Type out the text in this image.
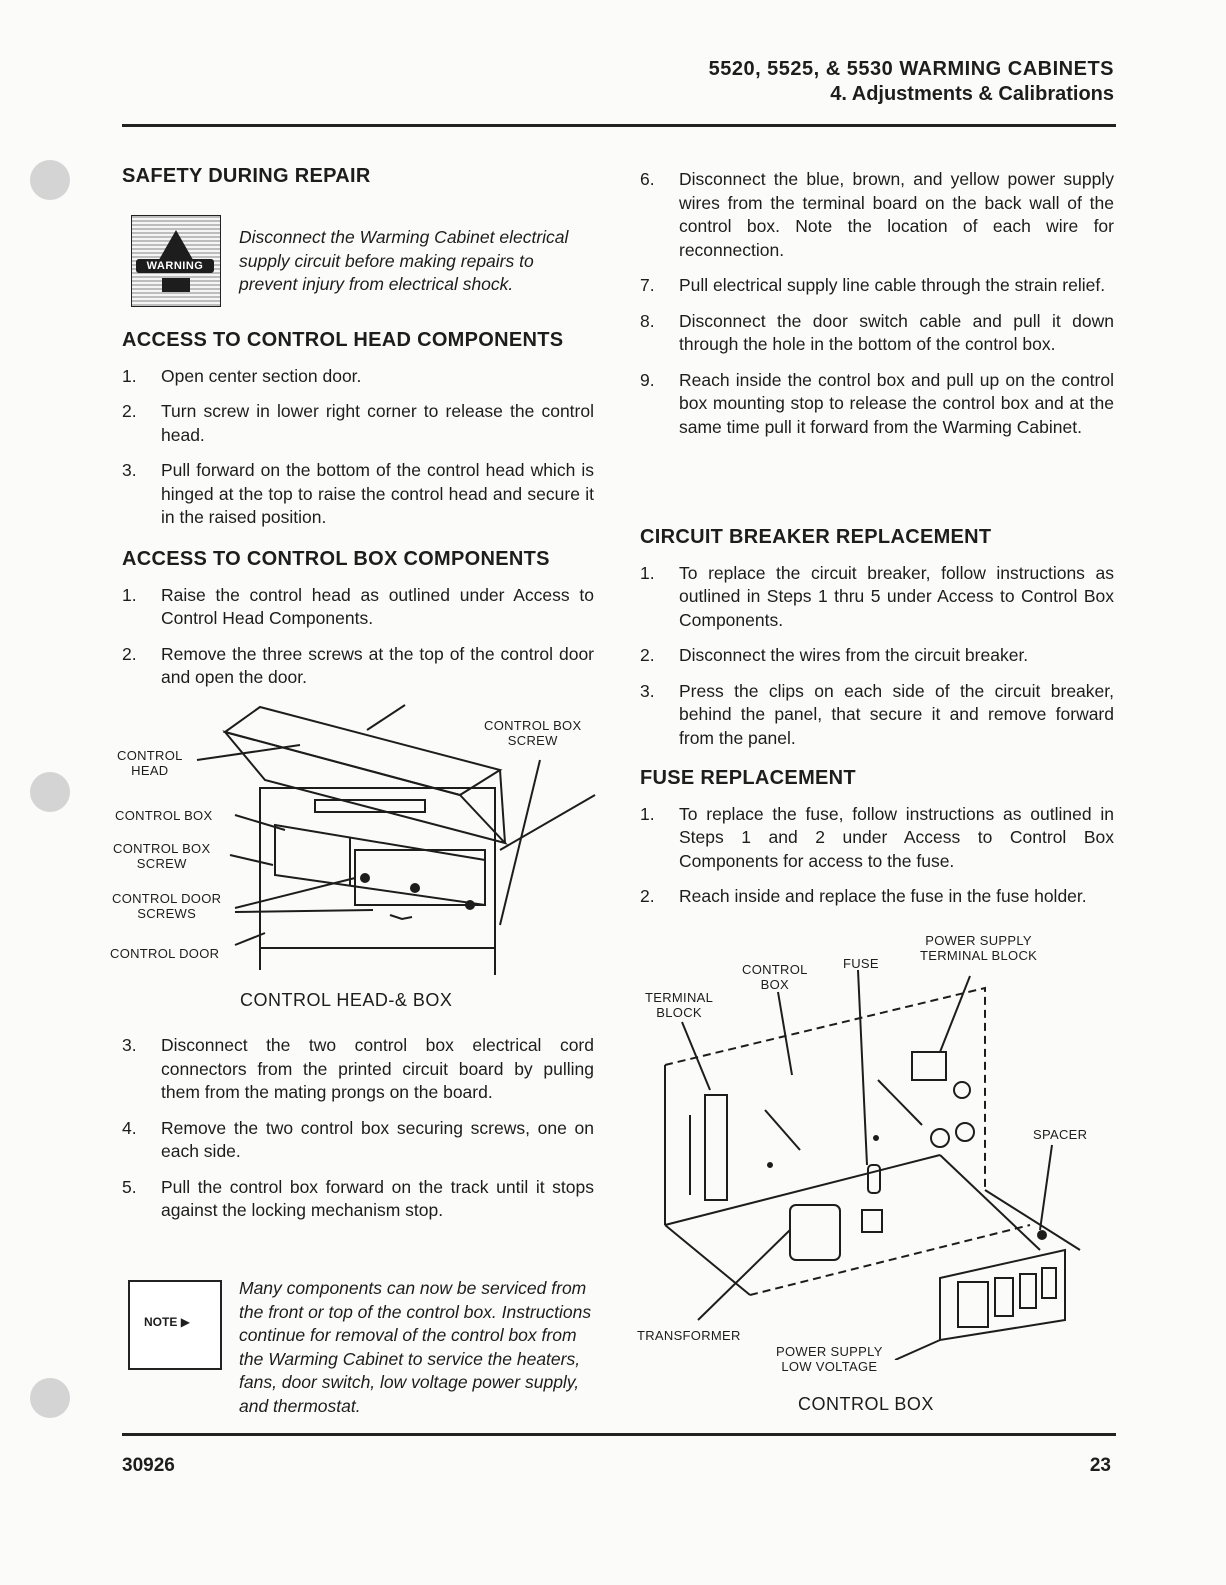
5520, 5525, & 5530 WARMING CABINETS
4. Adjustments & Calibrations

SAFETY DURING REPAIR

WARNING
Disconnect the Warming Cabinet electrical supply circuit before making repairs to prevent injury from electrical shock.

ACCESS TO CONTROL HEAD COMPONENTS

1. Open center section door.
2. Turn screw in lower right corner to release the control head.
3. Pull forward on the bottom of the control head which is hinged at the top to raise the control head and secure it in the raised position.

ACCESS TO CONTROL BOX COMPONENTS

1. Raise the control head as outlined under Access to Control Head Components.
2. Remove the three screws at the top of the control door and open the door.
CONTROL
HEAD
CONTROL BOX
SCREW
CONTROL BOX
CONTROL BOX
SCREW
CONTROL DOOR
SCREWS
CONTROL DOOR
CONTROL HEAD-& BOX
3. Disconnect the two control box electrical cord connectors from the printed circuit board by pulling them from the mating prongs on the board.
4. Remove the two control box securing screws, one on each side.
5. Pull the control box forward on the track until it stops against the locking mechanism stop.
NOTE ▶
Many components can now be serviced from the front or top of the control box. Instructions continue for removal of the control box from the Warming Cabinet to service the heaters, fans, door switch, low voltage power supply, and thermostat.
6. Disconnect the blue, brown, and yellow power supply wires from the terminal board on the back wall of the control box. Note the location of each wire for reconnection.
7. Pull electrical supply line cable through the strain relief.
8. Disconnect the door switch cable and pull it down through the hole in the bottom of the control box.
9. Reach inside the control box and pull up on the control box mounting stop to release the control box and at the same time pull it forward from the Warming Cabinet.

CIRCUIT BREAKER REPLACEMENT

1. To replace the circuit breaker, follow instructions as outlined in Steps 1 thru 5 under Access to Control Box Components.
2. Disconnect the wires from the circuit breaker.
3. Press the clips on each side of the circuit breaker, behind the panel, that secure it and remove forward from the panel.

FUSE REPLACEMENT

1. To replace the fuse, follow instructions as outlined in Steps 1 and 2 under Access to Control Box Components for access to the fuse.
2. Reach inside and replace the fuse in the fuse holder.
POWER SUPPLY
TERMINAL BLOCK
FUSE
CONTROL
BOX
TERMINAL
BLOCK
SPACER
TRANSFORMER
POWER SUPPLY
LOW VOLTAGE
CONTROL BOX
30926	23
